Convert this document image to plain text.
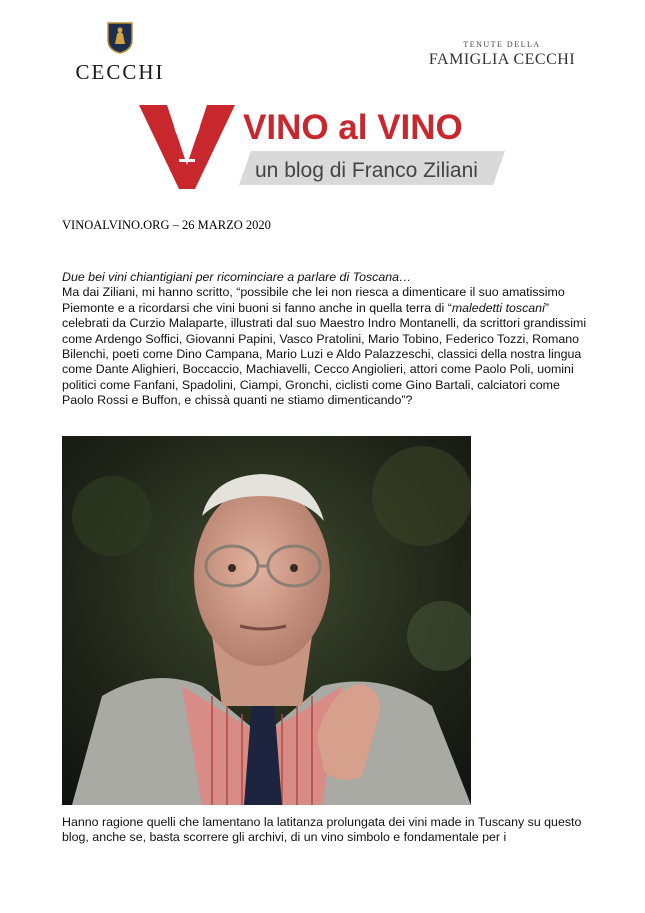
CECCHI
TENUTE DELLA
FAMIGLIA CECCHI
VINO al VINO
un blog di Franco Ziliani
VINOALVINO.ORG – 26 MARZO 2020
Due bei vini chiantigiani per ricominciare a parlare di Toscana…
Ma dai Ziliani, mi hanno scritto, “possibile che lei non riesca a dimenticare il suo amatissimo Piemonte e a ricordarsi che vini buoni si fanno anche in quella terra di “maledetti toscani” celebrati da Curzio Malaparte, illustrati dal suo Maestro Indro Montanelli, da scrittori grandissimi come Ardengo Soffici, Giovanni Papini, Vasco Pratolini, Mario Tobino, Federico Tozzi, Romano Bilenchi, poeti come Dino Campana, Mario Luzi e Aldo Palazzeschi, classici della nostra lingua come Dante Alighieri, Boccaccio, Machiavelli, Cecco Angiolieri, attori come Paolo Poli, uomini politici come Fanfani, Spadolini, Ciampi, Gronchi, ciclisti come Gino Bartali, calciatori come Paolo Rossi e Buffon, e chissà quanti ne stiamo dimenticando”?
Hanno ragione quelli che lamentano la latitanza prolungata dei vini made in Tuscany su questo blog, anche se, basta scorrere gli archivi, di un vino simbolo e fondamentale per i
